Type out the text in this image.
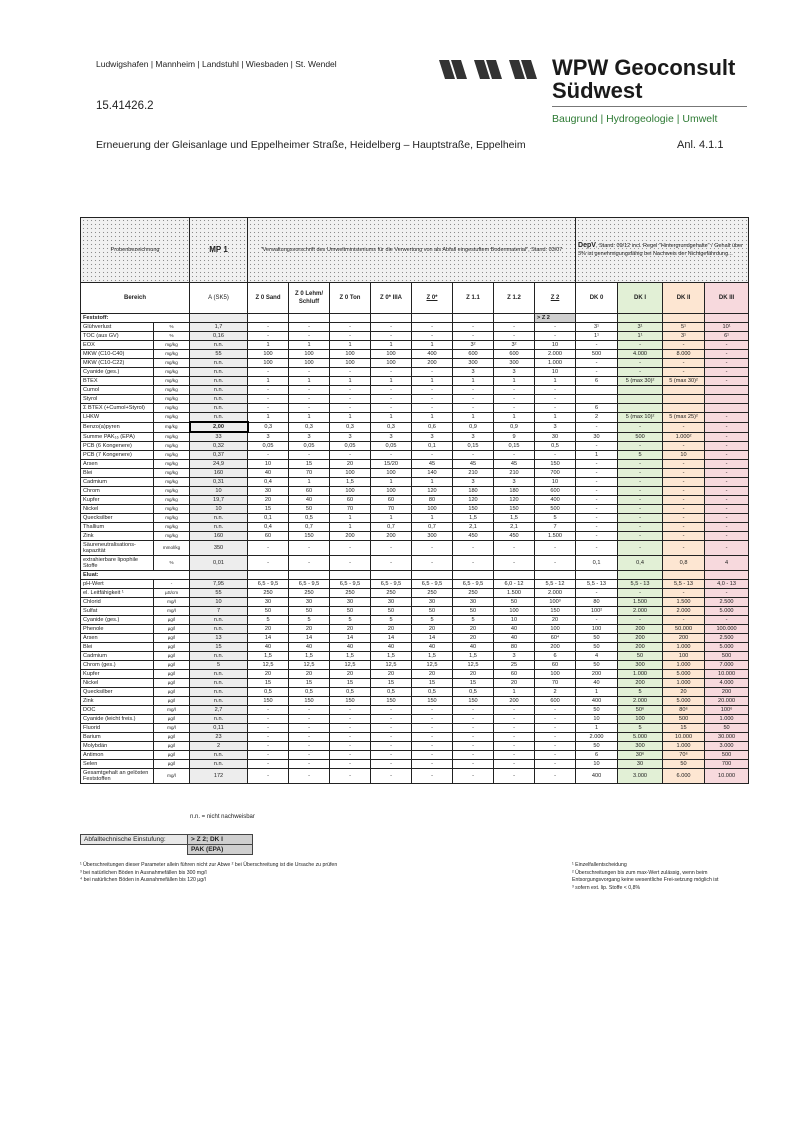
Ludwigshafen | Mannheim | Landstuhl | Wiesbaden | St. Wendel	WPW Geoconsult
Südwest
Baugrund | Hydrogeologie | Umwelt
15.41426.2
Erneuerung der Gleisanlage und Eppelheimer Straße, Heidelberg – Hauptstraße, Eppelheim	Anl. 4.1.1
Probenbezeichnung		MP 1	"Verwaltungsvorschrift des Umweltministeriums für die Verwertung von als Abfall eingestuftem Bodenmaterial", Stand: 03/07								DepV, Stand: 09/12 incl. Regel "Hintergrundgehalte" / Gehalt über 3% ist genehmigungsfähig bei Nachweis der Nichtgefährdung...			
Bereich		A (SK5)	Z 0 Sand	Z 0 Lehm/ Schluff	Z 0 Ton	Z 0* IIIA	Z 0*	Z 1.1	Z 1.2	Z 2	DK 0	DK I	DK II	DK III
Feststoff:										> Z 2				
Glühverlust	%	1,7	-	-	-	-	-	-	-	-	3¹	3¹	5¹	10¹
TOC (aus GV)	%	0,16	-	-	-	-	-	-	-	-	1¹	1¹	3¹	6¹
EOX	mg/kg	n.n.	1	1	1	1	1	3²	3²	10	-	-	-	-
MKW (C10-C40)	mg/kg	55	100	100	100	100	400	600	600	2.000	500	4.000	8.000	-
MKW (C10-C22)	mg/kg	n.n.	100	100	100	100	200	300	300	1.000	-	-	-	-
Cyanide (ges.)	mg/kg	n.n.	-	-	-	-	-	3	3	10	-	-	-	-
BTEX	mg/kg	n.n.	1	1	1	1	1	1	1	1	6	5 (max 30)²	5 (max 30)²	-
Cumol	mg/kg	n.n.	-	-	-	-	-	-	-	-				
Styrol	mg/kg	n.n.	-	-	-	-	-	-	-	-				
Σ BTEX (+Cumol+Styrol)	mg/kg	n.n.	-	-	-	-	-	-	-	-	6			
LHKW	mg/kg	n.n.	1	1	1	1	1	1	1	1	2	5 (max 10)²	5 (max 25)²	-
Benzo(a)pyren	mg/kg	2,00	0,3	0,3	0,3	0,3	0,6	0,9	0,9	3	-	-	-	-
Summe PAK₁₆ (EPA)	mg/kg	33	3	3	3	3	3	3	9	30	30	500	1.000²	-
PCB (6 Kongenere)	mg/kg	0,32	0,05	0,05	0,05	0,05	0,1	0,15	0,15	0,5	-	-	-	-
PCB (7 Kongenere)	mg/kg	0,37	-	-	-	-	-	-	-	-	1	5	10	-
Arsen	mg/kg	24,9	10	15	20	15/20	45	45	45	150	-	-	-	-
Blei	mg/kg	160	40	70	100	100	140	210	210	700	-	-	-	-
Cadmium	mg/kg	0,31	0,4	1	1,5	1	1	3	3	10	-	-	-	-
Chrom	mg/kg	10	30	60	100	100	120	180	180	600	-	-	-	-
Kupfer	mg/kg	19,7	20	40	60	60	80	120	120	400	-	-	-	-
Nickel	mg/kg	10	15	50	70	70	100	150	150	500	-	-	-	-
Quecksilber	mg/kg	n.n.	0,1	0,5	1	1	1	1,5	1,5	5	-	-	-	-
Thallium	mg/kg	n.n.	0,4	0,7	1	0,7	0,7	2,1	2,1	7	-	-	-	-
Zink	mg/kg	160	60	150	200	200	300	450	450	1.500	-	-	-	-
Säureneutralisations-kapazität	mmol/kg	350	-	-	-	-	-	-	-	-	-	-	-	-
extrahierbare lipophile Stoffe	%	0,01	-	-	-	-	-	-	-	-	0,1	0,4	0,8	4
Eluat:														
pH-Wert	-	7,95	6,5 - 9,5	6,5 - 9,5	6,5 - 9,5	6,5 - 9,5	6,5 - 9,5	6,5 - 9,5	6,0 - 12	5,5 - 12	5,5 - 13	5,5 - 13	5,5 - 13	4,0 - 13
el. Leitfähigkeit ¹	µS/cm	55	250	250	250	250	250	250	1.500	2.000	-	-	-	-
Chlorid	mg/l	10	30	30	30	30	30	30	50	100³	80	1.500	1.500	2.500
Sulfat	mg/l	7	50	50	50	50	50	50	100	150	100²	2.000	2.000	5.000
Cyanide (ges.)	µg/l	n.n.	5	5	5	5	5	5	10	20	-	-	-	-
Phenole	µg/l	n.n.	20	20	20	20	20	20	40	100	100	200	50.000	100.000
Arsen	µg/l	13	14	14	14	14	14	20	40	60⁴	50	200	200	2.500
Blei	µg/l	15	40	40	40	40	40	40	80	200	50	200	1.000	5.000
Cadmium	µg/l	n.n.	1,5	1,5	1,5	1,5	1,5	1,5	3	6	4	50	100	500
Chrom (ges.)	µg/l	5	12,5	12,5	12,5	12,5	12,5	12,5	25	60	50	300	1.000	7.000
Kupfer	µg/l	n.n.	20	20	20	20	20	20	60	100	200	1.000	5.000	10.000
Nickel	µg/l	n.n.	15	15	15	15	15	15	20	70	40	200	1.000	4.000
Quecksilber	µg/l	n.n.	0,5	0,5	0,5	0,5	0,5	0,5	1	2	1	5	20	200
Zink	µg/l	n.n.	150	150	150	150	150	150	200	600	400	2.000	5.000	20.000
DOC	mg/l	2,7	-	-	-	-	-	-	-	-	50	50⁶	80⁶	100⁶
Cyanide (leicht freis.)	µg/l	n.n.	-	-	-	-	-	-	-	-	10	100	500	1.000
Fluorid	mg/l	0,11	-	-	-	-	-	-	-	-	1	5	15	50
Barium	µg/l	23	-	-	-	-	-	-	-	-	2.000	5.000	10.000	30.000
Molybdän	µg/l	2	-	-	-	-	-	-	-	-	50	300	1.000	3.000
Antimon	µg/l	n.n.	-	-	-	-	-	-	-	-	6	30⁶	70⁶	500
Selen	µg/l	n.n.	-	-	-	-	-	-	-	-	10	30	50	700
Gesamtgehalt an gelösten Feststoffen	mg/l	172	-	-	-	-	-	-	-	-	400	3.000	6.000	10.000
n.n. = nicht nachweisbar
Abfalltechnische Einstufung:	> Z 2; DK I
	PAK (EPA)
¹ Überschreitungen dieser Parameter allein führen nicht zur Abwe ² bei Überschreitung ist die Ursache zu prüfen
³ bei natürlichen Böden in Ausnahmefällen bis 300 mg/l
⁴ bei natürlichen Böden in Ausnahmefällen bis 120 µg/l
¹ Einzelfallentscheidung
² Überschreitungen bis zum max-Wert zulässig, wenn beim Entsorgungsvorgang keine wesentliche Frei-setzung möglich ist
³ sofern ext. lip. Stoffe < 0,8%
